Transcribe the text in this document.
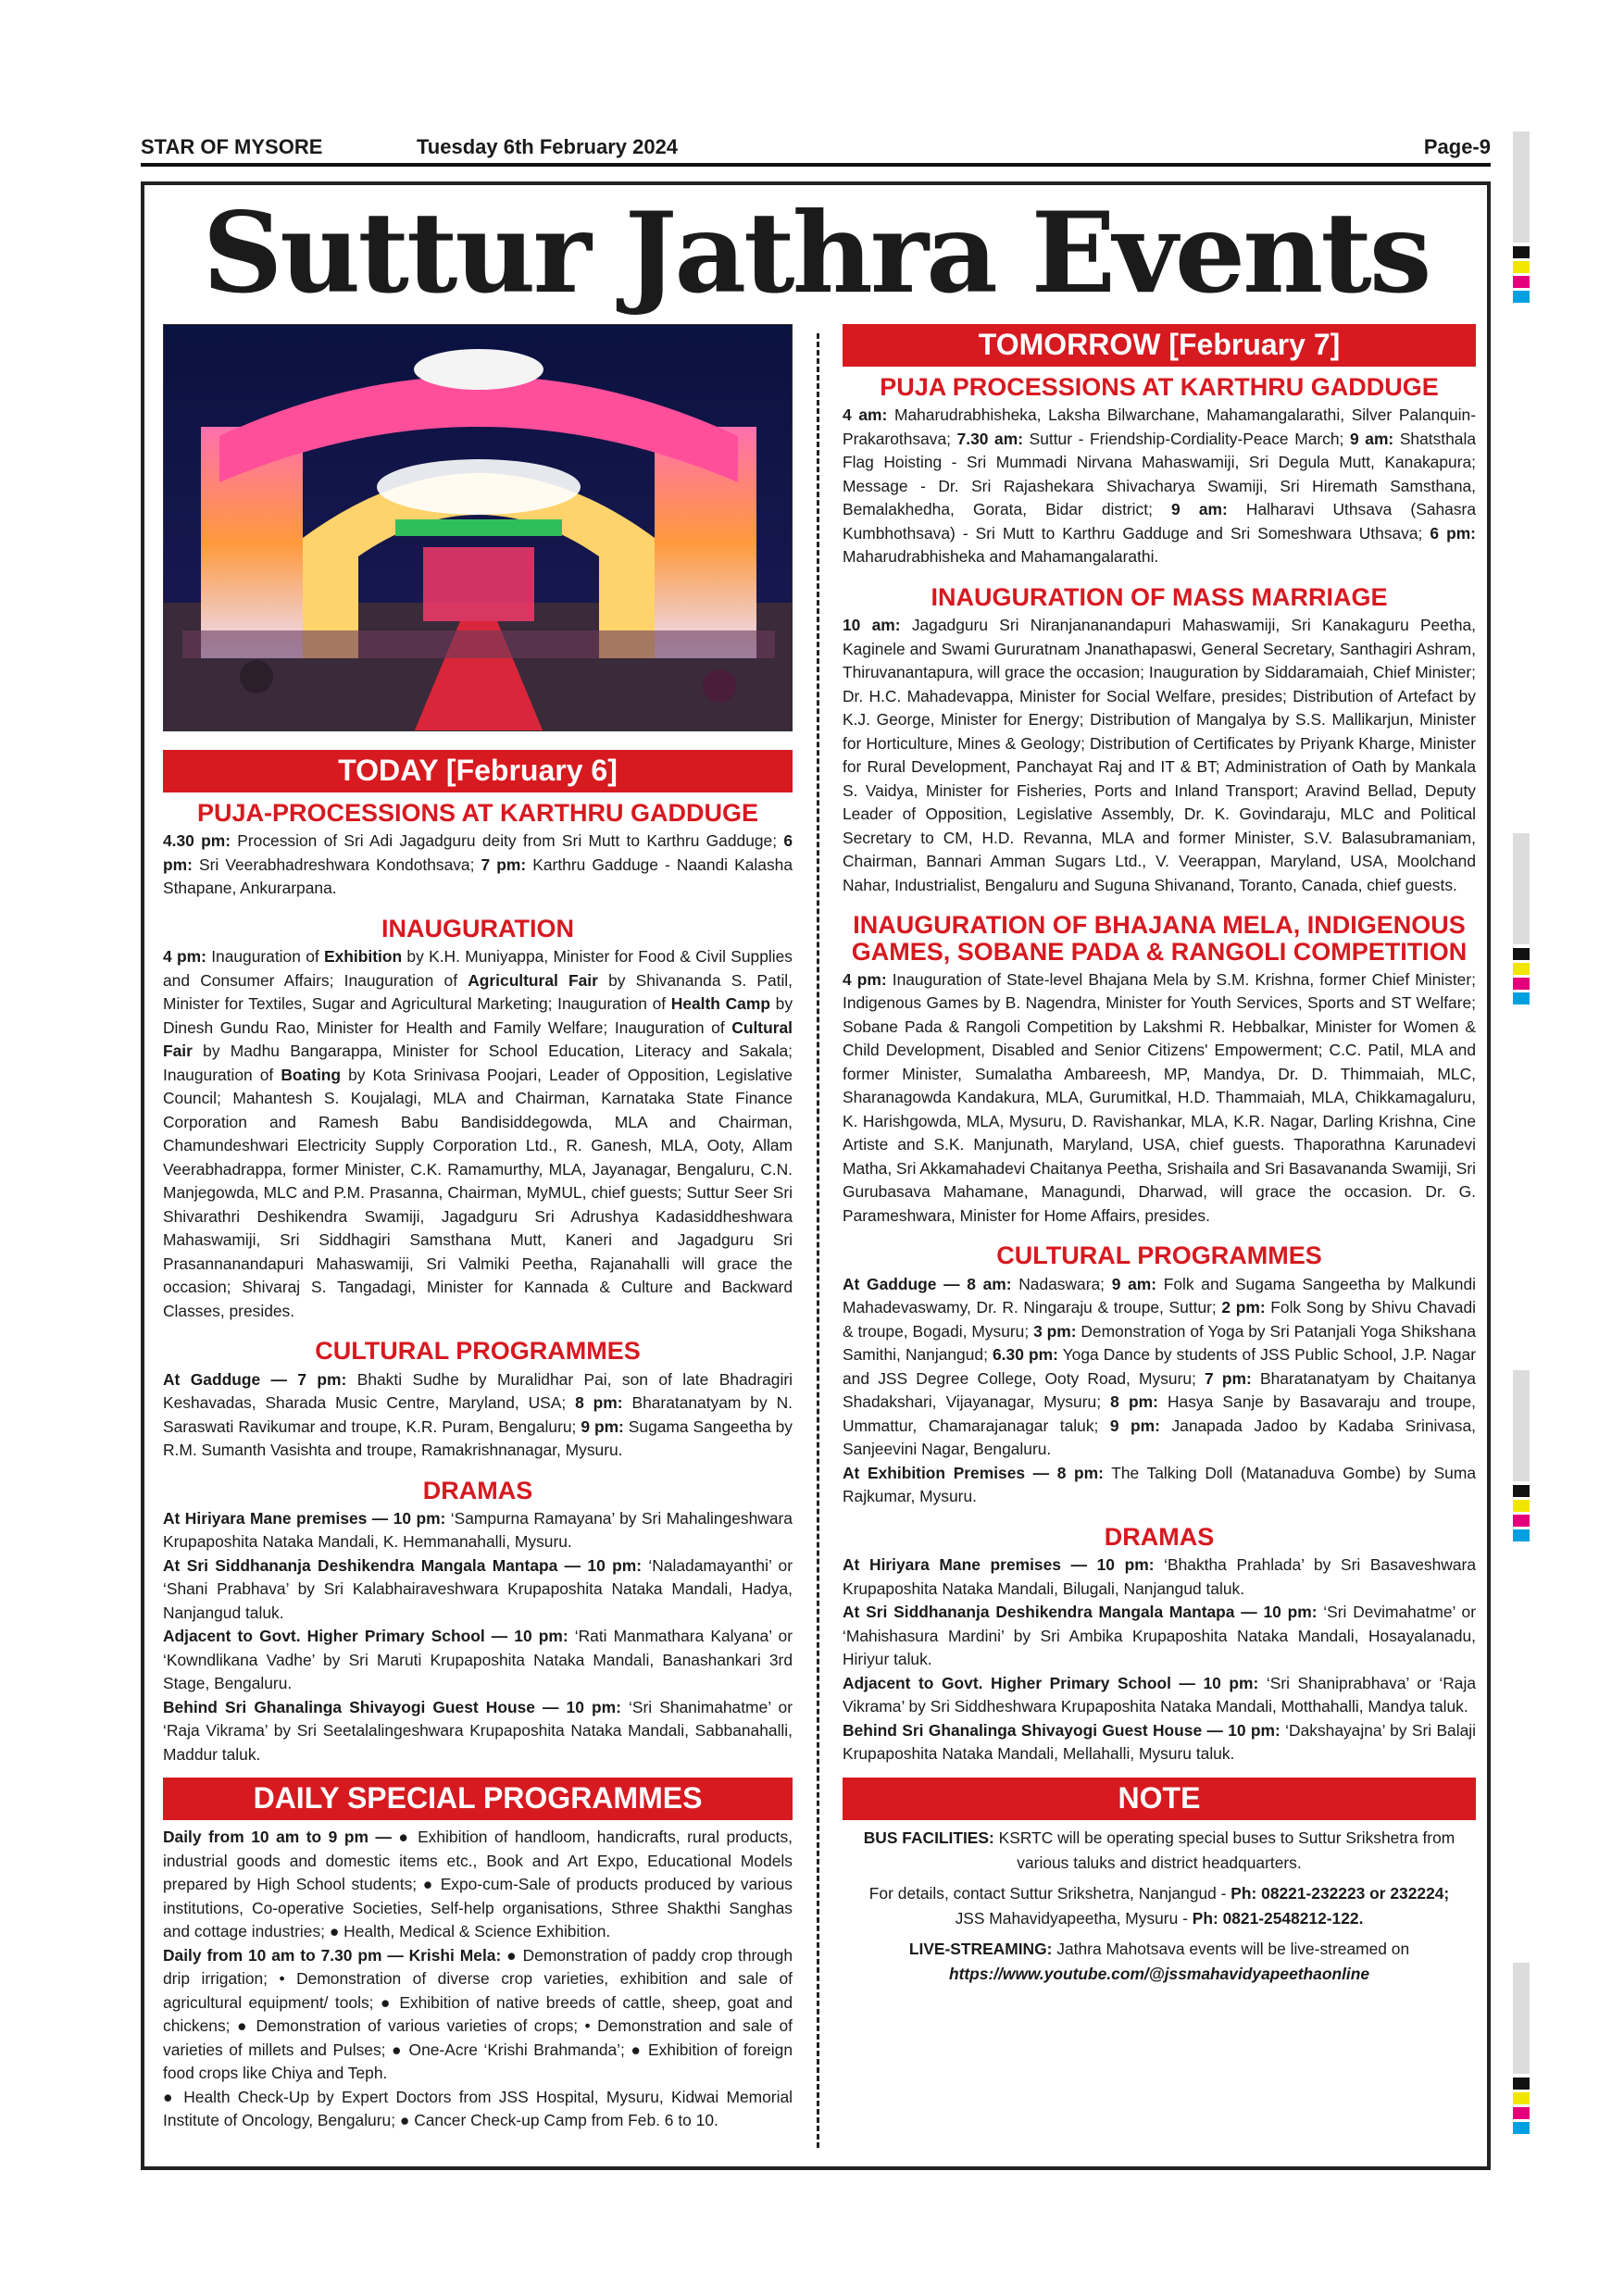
STAR OF MYSORE	Tuesday 6th February 2024	Page-9
Suttur Jathra Events
TODAY [February 6]
PUJA-PROCESSIONS AT KARTHRU GADDUGE

4.30 pm: Procession of Sri Adi Jagadguru deity from Sri Mutt to Karthru Gadduge; 6 pm: Sri Veerabhadreshwara Kondothsava; 7 pm: Karthru Gadduge - Naandi Kalasha Sthapane, Ankurarpana.

INAUGURATION

4 pm: Inauguration of Exhibition by K.H. Muniyappa, Minister for Food & Civil Supplies and Consumer Affairs; Inauguration of Agricultural Fair by Shivananda S. Patil, Minister for Textiles, Sugar and Agricultural Marketing; Inauguration of Health Camp by Dinesh Gundu Rao, Minister for Health and Family Welfare; Inauguration of Cultural Fair by Madhu Bangarappa, Minister for School Education, Literacy and Sakala; Inauguration of Boating by Kota Srinivasa Poojari, Leader of Opposition, Legislative Council; Mahantesh S. Koujalagi, MLA and Chairman, Karnataka State Finance Corporation and Ramesh Babu Bandisiddegowda, MLA and Chairman, Chamundeshwari Electricity Supply Corporation Ltd., R. Ganesh, MLA, Ooty, Allam Veerabhadrappa, former Minister, C.K. Ramamurthy, MLA, Jayanagar, Bengaluru, C.N. Manjegowda, MLC and P.M. Prasanna, Chairman, MyMUL, chief guests; Suttur Seer Sri Shivarathri Deshikendra Swamiji, Jagadguru Sri Adrushya Kadasiddheshwara Mahaswamiji, Sri Siddhagiri Samsthana Mutt, Kaneri and Jagadguru Sri Prasannanandapuri Mahaswamiji, Sri Valmiki Peetha, Rajanahalli will grace the occasion; Shivaraj S. Tangadagi, Minister for Kannada & Culture and Backward Classes, presides.

CULTURAL PROGRAMMES

At Gadduge — 7 pm: Bhakti Sudhe by Muralidhar Pai, son of late Bhadragiri Keshavadas, Sharada Music Centre, Maryland, USA; 8 pm: Bharatanatyam by N. Saraswati Ravikumar and troupe, K.R. Puram, Bengaluru; 9 pm: Sugama Sangeetha by R.M. Sumanth Vasishta and troupe, Ramakrishnanagar, Mysuru.

DRAMAS

At Hiriyara Mane premises — 10 pm: ‘Sampurna Ramayana’ by Sri Mahalingeshwara Krupaposhita Nataka Mandali, K. Hemmanahalli, Mysuru.

At Sri Siddhananja Deshikendra Mangala Mantapa — 10 pm: ‘Naladamayanthi’ or ‘Shani Prabhava’ by Sri Kalabhairaveshwara Krupaposhita Nataka Mandali, Hadya, Nanjangud taluk.

Adjacent to Govt. Higher Primary School — 10 pm: ‘Rati Manmathara Kalyana’ or ‘Kowndlikana Vadhe’ by Sri Maruti Krupaposhita Nataka Mandali, Banashankari 3rd Stage, Bengaluru.

Behind Sri Ghanalinga Shivayogi Guest House — 10 pm: ‘Sri Shanimahatme’ or ‘Raja Vikrama’ by Sri Seetalalingeshwara Krupaposhita Nataka Mandali, Sabbanahalli, Maddur taluk.

DAILY SPECIAL PROGRAMMES

Daily from 10 am to 9 pm — ● Exhibition of handloom, handicrafts, rural products, industrial goods and domestic items etc., Book and Art Expo, Educational Models prepared by High School students; ● Expo-cum-Sale of products produced by various institutions, Co-operative Societies, Self-help organisations, Sthree Shakthi Sanghas and cottage industries; ● Health, Medical & Science Exhibition.

Daily from 10 am to 7.30 pm — Krishi Mela: ● Demonstration of paddy crop through drip irrigation; • Demonstration of diverse crop varieties, exhibition and sale of agricultural equipment/ tools; ● Exhibition of native breeds of cattle, sheep, goat and chickens; ● Demonstration of various varieties of crops; • Demonstration and sale of varieties of millets and Pulses; ● One-Acre ‘Krishi Brahmanda’; ● Exhibition of foreign food crops like Chiya and Teph.

● Health Check-Up by Expert Doctors from JSS Hospital, Mysuru, Kidwai Memorial Institute of Oncology, Bengaluru; ● Cancer Check-up Camp from Feb. 6 to 10.

TOMORROW [February 7]
PUJA PROCESSIONS AT KARTHRU GADDUGE

4 am: Maharudrabhisheka, Laksha Bilwarchane, Mahamangalarathi, Silver Palanquin-Prakarothsava; 7.30 am: Suttur - Friendship-Cordiality-Peace March; 9 am: Shatsthala Flag Hoisting - Sri Mummadi Nirvana Mahaswamiji, Sri Degula Mutt, Kanakapura; Message - Dr. Sri Rajashekara Shivacharya Swamiji, Sri Hiremath Samsthana, Bemalakhedha, Gorata, Bidar district; 9 am: Halharavi Uthsava (Sahasra Kumbhothsava) - Sri Mutt to Karthru Gadduge and Sri Someshwara Uthsava; 6 pm: Maharudrabhisheka and Mahamangalarathi.

INAUGURATION OF MASS MARRIAGE

10 am: Jagadguru Sri Niranjananandapuri Mahaswamiji, Sri Kanakaguru Peetha, Kaginele and Swami Gururatnam Jnanathapaswi, General Secretary, Santhagiri Ashram, Thiruvanantapura, will grace the occasion; Inauguration by Siddaramaiah, Chief Minister; Dr. H.C. Mahadevappa, Minister for Social Welfare, presides; Distribution of Artefact by K.J. George, Minister for Energy; Distribution of Mangalya by S.S. Mallikarjun, Minister for Horticulture, Mines & Geology; Distribution of Certificates by Priyank Kharge, Minister for Rural Development, Panchayat Raj and IT & BT; Administration of Oath by Mankala S. Vaidya, Minister for Fisheries, Ports and Inland Transport; Aravind Bellad, Deputy Leader of Opposition, Legislative Assembly, Dr. K. Govindaraju, MLC and Political Secretary to CM, H.D. Revanna, MLA and former Minister, S.V. Balasubramaniam, Chairman, Bannari Amman Sugars Ltd., V. Veerappan, Maryland, USA, Moolchand Nahar, Industrialist, Bengaluru and Suguna Shivanand, Toranto, Canada, chief guests.

INAUGURATION OF BHAJANA MELA, INDIGENOUS GAMES, SOBANE PADA & RANGOLI COMPETITION

4 pm: Inauguration of State-level Bhajana Mela by S.M. Krishna, former Chief Minister; Indigenous Games by B. Nagendra, Minister for Youth Services, Sports and ST Welfare; Sobane Pada & Rangoli Competition by Lakshmi R. Hebbalkar, Minister for Women & Child Development, Disabled and Senior Citizens' Empowerment; C.C. Patil, MLA and former Minister, Sumalatha Ambareesh, MP, Mandya, Dr. D. Thimmaiah, MLC, Sharanagowda Kandakura, MLA, Gurumitkal, H.D. Thammaiah, MLA, Chikkamagaluru, K. Harishgowda, MLA, Mysuru, D. Ravishankar, MLA, K.R. Nagar, Darling Krishna, Cine Artiste and S.K. Manjunath, Maryland, USA, chief guests. Thaporathna Karunadevi Matha, Sri Akkamahadevi Chaitanya Peetha, Srishaila and Sri Basavananda Swamiji, Sri Gurubasava Mahamane, Managundi, Dharwad, will grace the occasion. Dr. G. Parameshwara, Minister for Home Affairs, presides.

CULTURAL PROGRAMMES

At Gadduge — 8 am: Nadaswara; 9 am: Folk and Sugama Sangeetha by Malkundi Mahadevaswamy, Dr. R. Ningaraju & troupe, Suttur; 2 pm: Folk Song by Shivu Chavadi & troupe, Bogadi, Mysuru; 3 pm: Demonstration of Yoga by Sri Patanjali Yoga Shikshana Samithi, Nanjangud; 6.30 pm: Yoga Dance by students of JSS Public School, J.P. Nagar and JSS Degree College, Ooty Road, Mysuru; 7 pm: Bharatanatyam by Chaitanya Shadakshari, Vijayanagar, Mysuru; 8 pm: Hasya Sanje by Basavaraju and troupe, Ummattur, Chamarajanagar taluk; 9 pm: Janapada Jadoo by Kadaba Srinivasa, Sanjeevini Nagar, Bengaluru.

At Exhibition Premises — 8 pm: The Talking Doll (Matanaduva Gombe) by Suma Rajkumar, Mysuru.

DRAMAS

At Hiriyara Mane premises — 10 pm: ‘Bhaktha Prahlada’ by Sri Basaveshwara Krupaposhita Nataka Mandali, Bilugali, Nanjangud taluk.

At Sri Siddhananja Deshikendra Mangala Mantapa — 10 pm: ‘Sri Devimahatme’ or ‘Mahishasura Mardini’ by Sri Ambika Krupaposhita Nataka Mandali, Hosayalanadu, Hiriyur taluk.

Adjacent to Govt. Higher Primary School — 10 pm: ‘Sri Shaniprabhava’ or ‘Raja Vikrama’ by Sri Siddheshwara Krupaposhita Nataka Mandali, Motthahalli, Mandya taluk.

Behind Sri Ghanalinga Shivayogi Guest House — 10 pm: ‘Dakshayajna’ by Sri Balaji Krupaposhita Nataka Mandali, Mellahalli, Mysuru taluk.

NOTE

BUS FACILITIES: KSRTC will be operating special buses to Suttur Srikshetra from various taluks and district headquarters.

For details, contact Suttur Srikshetra, Nanjangud - Ph: 08221-232223 or 232224;
JSS Mahavidyapeetha, Mysuru - Ph: 0821-2548212-122.

LIVE-STREAMING: Jathra Mahotsava events will be live-streamed on
https://www.youtube.com/@jssmahavidyapeethaonline
